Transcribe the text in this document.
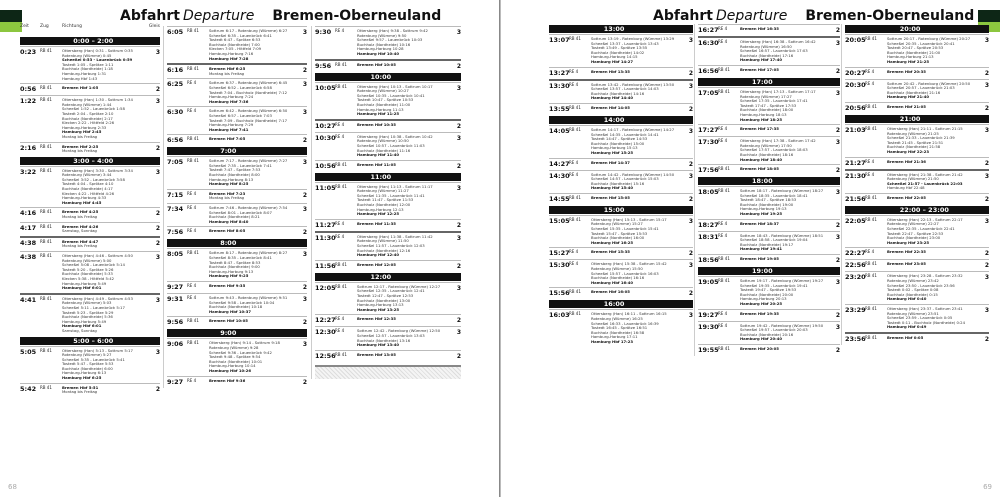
Abfahrt Departure Bremen-Oberneuland
Zeit	Zug	Richtung	Gleis
0:00 – 2:00
0:23 RB 41	Ottersberg (Han) 0:31 - Sottrum 0:35
Rotenburg (Wümme) 0:45
Scheeßel 0:53 - Lauenbrück 0:59
Tostedt 1:05 - Sprötze 1:11
Buchholz (Nordheide) 1:18
Hamburg-Harburg 1:31
Hamburg Hbf 1:43
3
0:56 RB 41	Bremen Hbf 1:05	2
1:22 RB 41	Ottersberg (Han) 1:30 - Sottrum 1:34
Rotenburg (Wümme) 1:44
Scheeßel 1:52 - Lauenbrück 1:58
Tostedt 2:04 - Sprötze 2:10
Buchholz (Nordheide) 2:17
Klecken 2:22 - Hittfeld 2:26
Hamburg-Harburg 2:33
Hamburg Hbf 2:45
Montag bis Freitag
3
2:16 RB 41	Bremen Hbf 2:25
Montag bis Freitag	2
3:00 – 4:00
3:22 RB 41	Ottersberg (Han) 3:30 - Sottrum 3:34
Rotenburg (Wümme) 3:44
Scheeßel 3:52 - Lauenbrück 3:58
Tostedt 4:04 - Sprötze 4:10
Buchholz (Nordheide) 4:17
Klecken 4:22 - Hittfeld 4:26
Hamburg-Harburg 4:33
Hamburg Hbf 4:45
3
4:16 RB 41	Bremen Hbf 4:25
Montag bis Freitag	2
4:17 RB 41	Bremen Hbf 4:26
Samstag, Sonntag	2
4:38 RB 41	Bremen Hbf 4:47
Montag bis Freitag	2
4:38 RB 41	Ottersberg (Han) 4:46 - Sottrum 4:50
Rotenburg (Wümme) 5:00
Scheeßel 5:08 - Lauenbrück 5:14
Tostedt 5:20 - Sprötze 5:26
Buchholz (Nordheide) 5:33
Klecken 5:38 - Hittfeld 5:42
Hamburg-Harburg 5:49
Hamburg Hbf 6:01
3
4:41 RB 41	Ottersberg (Han) 4:49 - Sottrum 4:53
Rotenburg (Wümme) 5:03
Scheeßel 5:11 - Lauenbrück 5:17
Tostedt 5:23 - Sprötze 5:29
Buchholz (Nordheide) 5:36
Hamburg-Harburg 5:49
Hamburg Hbf 6:01
Samstag, Sonntag
3
5:00 – 6:00
5:05 RB 41	Ottersberg (Han) 5:13 - Sottrum 5:17
Rotenburg (Wümme) 5:27
Scheeßel 5:35 - Lauenbrück 5:41
Tostedt 5:47 - Sprötze 5:53
Buchholz (Nordheide) 6:00
Hamburg-Harburg 6:13
Hamburg Hbf 6:25
3
5:42 RB 41	Bremen Hbf 5:51
Montag bis Freitag	2
6:05 RB 41	Sottrum 6:17 - Rotenburg (Wümme) 6:27
Scheeßel 6:35 - Lauenbrück 6:41
Tostedt 6:47 - Sprötze 6:53
Buchholz (Nordheide) 7:00
Klecken 7:05 - Hittfeld 7:09
Hamburg-Harburg 7:16
Hamburg Hbf 7:28
3
6:16 RB 41	Bremen Hbf 6:25
Montag bis Freitag	2
6:25 RE 4	Sottrum 6:37 - Rotenburg (Wümme) 6:45
Scheeßel 6:52 - Lauenbrück 6:58
Tostedt 7:04 - Buchholz (Nordheide) 7:12
Hamburg-Harburg 7:24
Hamburg Hbf 7:36
3
6:30 RE 4	Sottrum 6:42 - Rotenburg (Wümme) 6:50
Scheeßel 6:57 - Lauenbrück 7:03
Tostedt 7:09 - Buchholz (Nordheide) 7:17
Hamburg-Harburg 7:29
Hamburg Hbf 7:41
3
6:56 RB 41	Bremen Hbf 7:05	2
7:00
7:05 RB 41	Sottrum 7:17 - Rotenburg (Wümme) 7:27
Scheeßel 7:35 - Lauenbrück 7:41
Tostedt 7:47 - Sprötze 7:53
Buchholz (Nordheide) 8:00
Hamburg-Harburg 8:13
Hamburg Hbf 8:25
3
7:15 RE 4	Bremen Hbf 7:23
Montag bis Freitag	2
7:34 RE 4	Sottrum 7:46 - Rotenburg (Wümme) 7:54
Scheeßel 8:01 - Lauenbrück 8:07
Buchholz (Nordheide) 8:21
Hamburg Hbf 8:40
3
7:56 RE 4	Bremen Hbf 8:05	2
8:00
8:05 RB 41	Sottrum 8:17 - Rotenburg (Wümme) 8:27
Scheeßel 8:35 - Lauenbrück 8:41
Tostedt 8:47 - Sprötze 8:53
Buchholz (Nordheide) 9:00
Hamburg-Harburg 9:13
Hamburg Hbf 9:25
3
9:27 RE 4	Bremen Hbf 9:35	2
9:31 RE 4	Sottrum 9:43 - Rotenburg (Wümme) 9:51
Scheeßel 9:58 - Lauenbrück 10:04
Buchholz (Nordheide) 10:18
Hamburg Hbf 10:37
3
9:56 RB 41	Bremen Hbf 10:05	2
9:00
9:06 RB 41	Ottersberg (Han) 9:14 - Sottrum 9:18
Rotenburg (Wümme) 9:28
Scheeßel 9:36 - Lauenbrück 9:42
Tostedt 9:48 - Sprötze 9:54
Buchholz (Nordheide) 10:01
Hamburg-Harburg 10:14
Hamburg Hbf 10:26
3
9:27 RE 4	Bremen Hbf 9:36	2
9:30 RE 4	Ottersberg (Han) 9:38 - Sottrum 9:42
Rotenburg (Wümme) 9:50
Scheeßel 9:57 - Lauenbrück 10:03
Buchholz (Nordheide) 10:16
Hamburg-Harburg 10:28
Hamburg Hbf 10:40
3
9:56 RB 41	Bremen Hbf 10:05	2
10:00
10:05 RB 41	Ottersberg (Han) 10:13 - Sottrum 10:17
Rotenburg (Wümme) 10:27
Scheeßel 10:35 - Lauenbrück 10:41
Tostedt 10:47 - Sprötze 10:53
Buchholz (Nordheide) 11:00
Hamburg-Harburg 11:13
Hamburg Hbf 11:25
3
10:27 RE 4	Bremen Hbf 10:35	2
10:30 RE 4	Ottersberg (Han) 10:38 - Sottrum 10:42
Rotenburg (Wümme) 10:50
Scheeßel 10:57 - Lauenbrück 11:03
Buchholz (Nordheide) 11:16
Hamburg Hbf 11:40
3
10:56 RB 41	Bremen Hbf 11:05	2
11:00
11:05 RB 41	Ottersberg (Han) 11:13 - Sottrum 11:17
Rotenburg (Wümme) 11:27
Scheeßel 11:35 - Lauenbrück 11:41
Tostedt 11:47 - Sprötze 11:53
Buchholz (Nordheide) 12:00
Hamburg-Harburg 12:13
Hamburg Hbf 12:25
3
11:27 RE 4	Bremen Hbf 11:35	2
11:30 RE 4	Ottersberg (Han) 11:38 - Sottrum 11:42
Rotenburg (Wümme) 11:50
Scheeßel 11:57 - Lauenbrück 12:03
Buchholz (Nordheide) 12:16
Hamburg Hbf 12:40
3
11:56 RB 41	Bremen Hbf 12:05	2
12:00
12:05 RB 41	Sottrum 12:17 - Rotenburg (Wümme) 12:27
Scheeßel 12:35 - Lauenbrück 12:41
Tostedt 12:47 - Sprötze 12:53
Buchholz (Nordheide) 13:00
Hamburg-Harburg 13:13
Hamburg Hbf 13:25
3
12:27 RE 4	Bremen Hbf 12:35	2
12:30 RE 4	Sottrum 12:42 - Rotenburg (Wümme) 12:50
Scheeßel 12:57 - Lauenbrück 13:03
Buchholz (Nordheide) 13:16
Hamburg Hbf 13:40
3
12:56 RB 41	Bremen Hbf 13:05	2
68
Abfahrt Departure Bremen-Oberneuland
13:00
13:07 RB 41	Sottrum 13:19 - Rotenburg (Wümme) 13:29
Scheeßel 13:37 - Lauenbrück 13:43
Tostedt 13:49 - Sprötze 13:55
Buchholz (Nordheide) 14:02
Hamburg-Harburg 14:15
Hamburg Hbf 14:27
3
13:27 RE 4	Bremen Hbf 13:35	2
13:30 RE 4	Sottrum 13:42 - Rotenburg (Wümme) 13:50
Scheeßel 13:57 - Lauenbrück 14:03
Buchholz (Nordheide) 14:16
Hamburg Hbf 14:40
3
13:55 RB 41	Bremen Hbf 14:05	2
14:00
14:05 RB 41	Sottrum 14:17 - Rotenburg (Wümme) 14:27
Scheeßel 14:35 - Lauenbrück 14:41
Tostedt 14:47 - Sprötze 14:53
Buchholz (Nordheide) 15:00
Hamburg-Harburg 15:13
Hamburg Hbf 15:25
3
14:27 RE 4	Bremen Hbf 14:37	2
14:30 RE 4	Sottrum 14:42 - Rotenburg (Wümme) 14:50
Scheeßel 14:57 - Lauenbrück 15:03
Buchholz (Nordheide) 15:16
Hamburg Hbf 15:40
3
14:55 RB 41	Bremen Hbf 15:05	2
15:00
15:05 RB 41	Ottersberg (Han) 15:13 - Sottrum 15:17
Rotenburg (Wümme) 15:27
Scheeßel 15:35 - Lauenbrück 15:41
Tostedt 15:47 - Sprötze 15:53
Buchholz (Nordheide) 16:00
Hamburg Hbf 16:25
3
15:27 RE 4	Bremen Hbf 15:35	2
15:30 RE 4	Ottersberg (Han) 15:38 - Sottrum 15:42
Rotenburg (Wümme) 15:50
Scheeßel 15:57 - Lauenbrück 16:03
Buchholz (Nordheide) 16:16
Hamburg Hbf 16:40
3
15:56 RB 41	Bremen Hbf 16:05	2
16:00
16:03 RB 41	Ottersberg (Han) 16:11 - Sottrum 16:15
Rotenburg (Wümme) 16:25
Scheeßel 16:33 - Lauenbrück 16:39
Tostedt 16:45 - Sprötze 16:51
Buchholz (Nordheide) 16:58
Hamburg-Harburg 17:11
Hamburg Hbf 17:23
3
16:27 RE 4	Bremen Hbf 16:35	2
16:30 RE 4	Ottersberg (Han) 16:38 - Sottrum 16:42
Rotenburg (Wümme) 16:50
Scheeßel 16:57 - Lauenbrück 17:03
Buchholz (Nordheide) 17:16
Hamburg Hbf 17:40
3
16:56 RB 41	Bremen Hbf 17:05	2
17:00
17:05 RB 41	Ottersberg (Han) 17:13 - Sottrum 17:17
Rotenburg (Wümme) 17:27
Scheeßel 17:35 - Lauenbrück 17:41
Tostedt 17:47 - Sprötze 17:53
Buchholz (Nordheide) 18:00
Hamburg-Harburg 18:13
Hamburg Hbf 18:25
3
17:27 RE 4	Bremen Hbf 17:35	2
17:30 RE 4	Ottersberg (Han) 17:38 - Sottrum 17:42
Rotenburg (Wümme) 17:50
Scheeßel 17:57 - Lauenbrück 18:03
Buchholz (Nordheide) 18:16
Hamburg Hbf 18:40
3
17:56 RB 41	Bremen Hbf 18:05	2
18:00
18:05 RB 41	Sottrum 18:17 - Rotenburg (Wümme) 18:27
Scheeßel 18:35 - Lauenbrück 18:41
Tostedt 18:47 - Sprötze 18:53
Buchholz (Nordheide) 19:00
Hamburg-Harburg 19:13
Hamburg Hbf 19:25
3
18:27 RE 4	Bremen Hbf 18:37	2
18:31 RE 4	Sottrum 18:43 - Rotenburg (Wümme) 18:51
Scheeßel 18:58 - Lauenbrück 19:04
Buchholz (Nordheide) 19:17
Hamburg Hbf 19:41
3
18:56 RB 41	Bremen Hbf 19:05	2
19:00
19:05 RB 41	Sottrum 19:17 - Rotenburg (Wümme) 19:27
Scheeßel 19:35 - Lauenbrück 19:41
Tostedt 19:47 - Sprötze 19:53
Buchholz (Nordheide) 20:00
Hamburg-Harburg 20:13
Hamburg Hbf 20:25
3
19:27 RE 4	Bremen Hbf 19:35	2
19:30 RE 4	Sottrum 19:42 - Rotenburg (Wümme) 19:50
Scheeßel 19:57 - Lauenbrück 20:03
Buchholz (Nordheide) 20:16
Hamburg Hbf 20:40
3
19:55 RB 41	Bremen Hbf 20:05	2
20:00
20:05 RB 41	Sottrum 20:17 - Rotenburg (Wümme) 20:27
Scheeßel 20:35 - Lauenbrück 20:41
Tostedt 20:47 - Sprötze 20:53
Buchholz (Nordheide) 21:00
Hamburg-Harburg 21:13
Hamburg Hbf 21:25
3
20:27 RE 4	Bremen Hbf 20:35	2
20:30 RE 4	Sottrum 20:42 - Rotenburg (Wümme) 20:50
Scheeßel 20:57 - Lauenbrück 21:03
Buchholz (Nordheide) 21:16
Hamburg Hbf 21:40
3
20:56 RB 41	Bremen Hbf 21:05	2
21:00
21:03 RB 41	Ottersberg (Han) 21:11 - Sottrum 21:15
Rotenburg (Wümme) 21:25
Scheeßel 21:33 - Lauenbrück 21:39
Tostedt 21:45 - Sprötze 21:51
Buchholz (Nordheide) 21:58
Hamburg Hbf 22:23
3
21:27 RE 4	Bremen Hbf 21:36	2
21:30 RE 4	Ottersberg (Han) 21:38 - Sottrum 21:42
Rotenburg (Wümme) 21:50
Scheeßel 21:57 - Lauenbrück 22:03
Hamburg Hbf 22:48
3
21:56 RB 41	Bremen Hbf 22:05	2
22:00 – 23:00
22:05 RB 41	Ottersberg (Han) 22:13 - Sottrum 22:17
Rotenburg (Wümme) 22:27
Scheeßel 22:35 - Lauenbrück 22:41
Tostedt 22:47 - Sprötze 22:53
Buchholz (Nordheide) 23:00
Hamburg Hbf 23:25
3
22:27 RE 4	Bremen Hbf 22:35	2
22:56 RB 41	Bremen Hbf 23:05	2
23:20 RB 41	Ottersberg (Han) 23:28 - Sottrum 23:32
Rotenburg (Wümme) 23:42
Scheeßel 23:50 - Lauenbrück 23:56
Tostedt 0:02 - Sprötze 0:08
Buchholz (Nordheide) 0:15
Hamburg Hbf 0:40
3
23:29 RB 41	Ottersberg (Han) 23:37 - Sottrum 23:41
Rotenburg (Wümme) 23:51
Scheeßel 23:59 - Lauenbrück 0:05
Tostedt 0:11 - Buchholz (Nordheide) 0:24
Hamburg Hbf 0:49
3
23:56 RB 41	Bremen Hbf 0:05	2
69
